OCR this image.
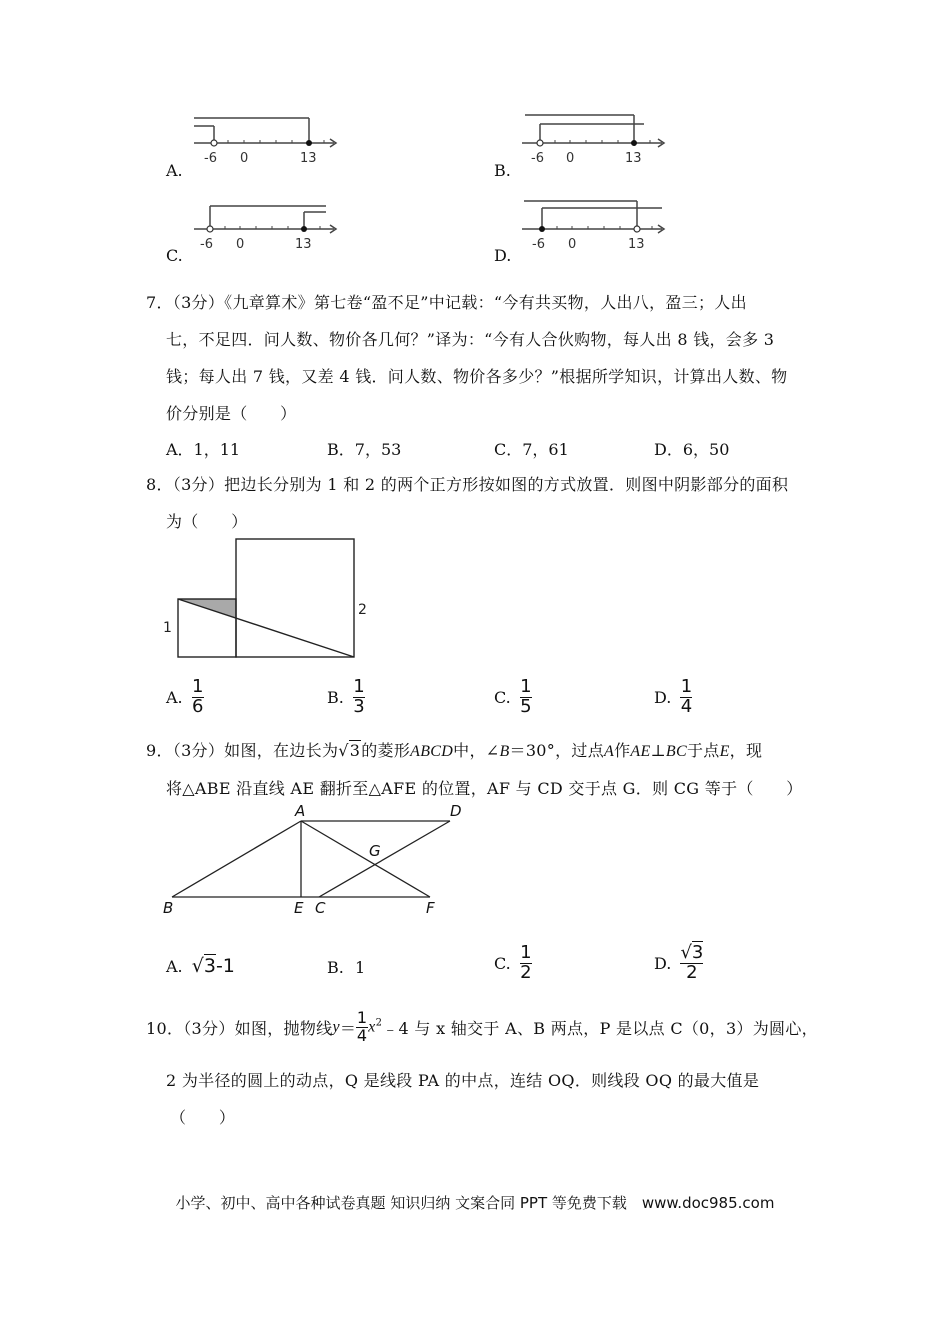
-6 0	13
A.
-6 0	13
B.
-6 0	13
C.
-6 0	13
D.
7．（3分）《九章算术》第七卷“盈不足”中记载：“今有共买物，人出八，盈三；人出
七，不足四．问人数、物价各几何？”译为：“今有人合伙购物，每人出 8 钱，会多 3
钱；每人出 7 钱，又差 4 钱．问人数、物价各多少？”根据所学知识，计算出人数、物
价分别是（　　）
A．1，11	B．7，53	C．7，61	D．6，50
8．（3分）把边长分别为 1 和 2 的两个正方形按如图的方式放置．则图中阴影部分的面积
为（　　）
1
2
A. $\frac{1}{6}$	B. $\frac{1}{3}$	C. $\frac{1}{5}$	D. $\frac{1}{4}$
9．（3分）如图，在边长为√3的菱形ABCD中，∠B＝30°，过点A作AE⊥BC于点E，现
将△ABE 沿直线 AE 翻折至△AFE 的位置，AF 与 CD 交于点 G．则 CG 等于（　　）
A	D
G
B	E C	F
A. √3-1	B. 1	C. $\frac{1}{2}$	D. $\frac{√3}{2}$
10．（3分）如图，抛物线$y= \frac{1}{4}$ $x^2﹣4$ 与 x 轴交于 A、B 两点，P 是以点 C（0，3）为圆心，
2 为半径的圆上的动点，Q 是线段 PA 的中点，连结 OQ．则线段 OQ 的最大值是
（　　）
小学、初中、高中各种试卷真题 知识归纳 文案合同 PPT 等免费下载　www.doc985.com
